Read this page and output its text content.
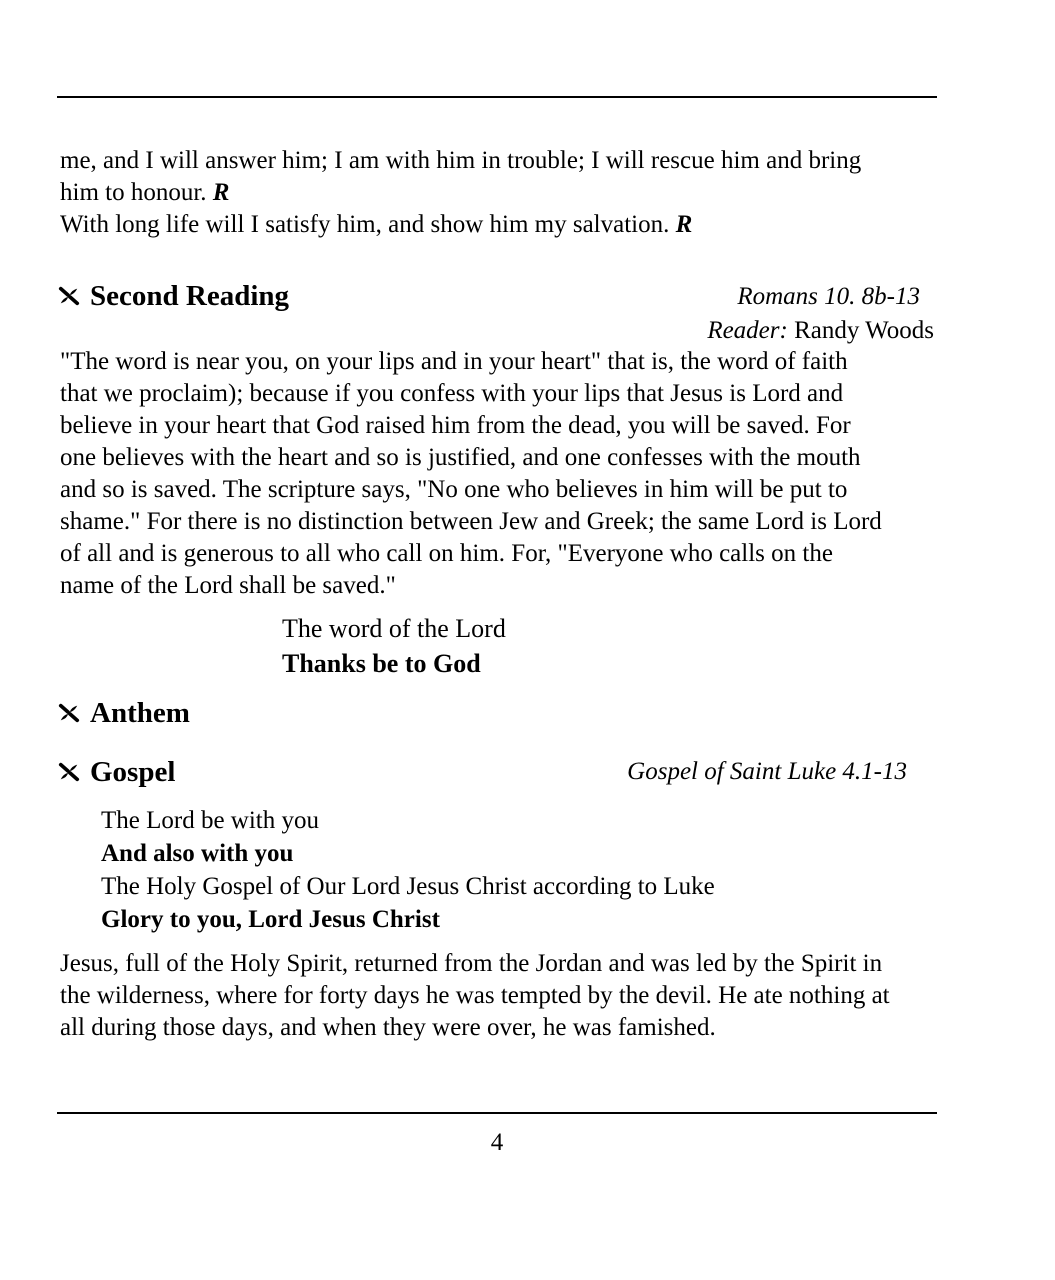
me, and I will answer him; I am with him in trouble; I will rescue him and bring
him to honour. R
With long life will I satisfy him, and show him my salvation. R
Second Reading	Romans 10. 8b-13
Reader: Randy Woods
"The word is near you, on your lips and in your heart" that is, the word of faith
that we proclaim); because if you confess with your lips that Jesus is Lord and
believe in your heart that God raised him from the dead, you will be saved. For
one believes with the heart and so is justified, and one confesses with the mouth
and so is saved. The scripture says, "No one who believes in him will be put to
shame." For there is no distinction between Jew and Greek; the same Lord is Lord
of all and is generous to all who call on him. For, "Everyone who calls on the
name of the Lord shall be saved."
The word of the Lord
Thanks be to God
Anthem
Gospel	Gospel of Saint Luke 4.1-13
The Lord be with you
And also with you
The Holy Gospel of Our Lord Jesus Christ according to Luke
Glory to you, Lord Jesus Christ
Jesus, full of the Holy Spirit, returned from the Jordan and was led by the Spirit in
the wilderness, where for forty days he was tempted by the devil. He ate nothing at
all during those days, and when they were over, he was famished.
4
